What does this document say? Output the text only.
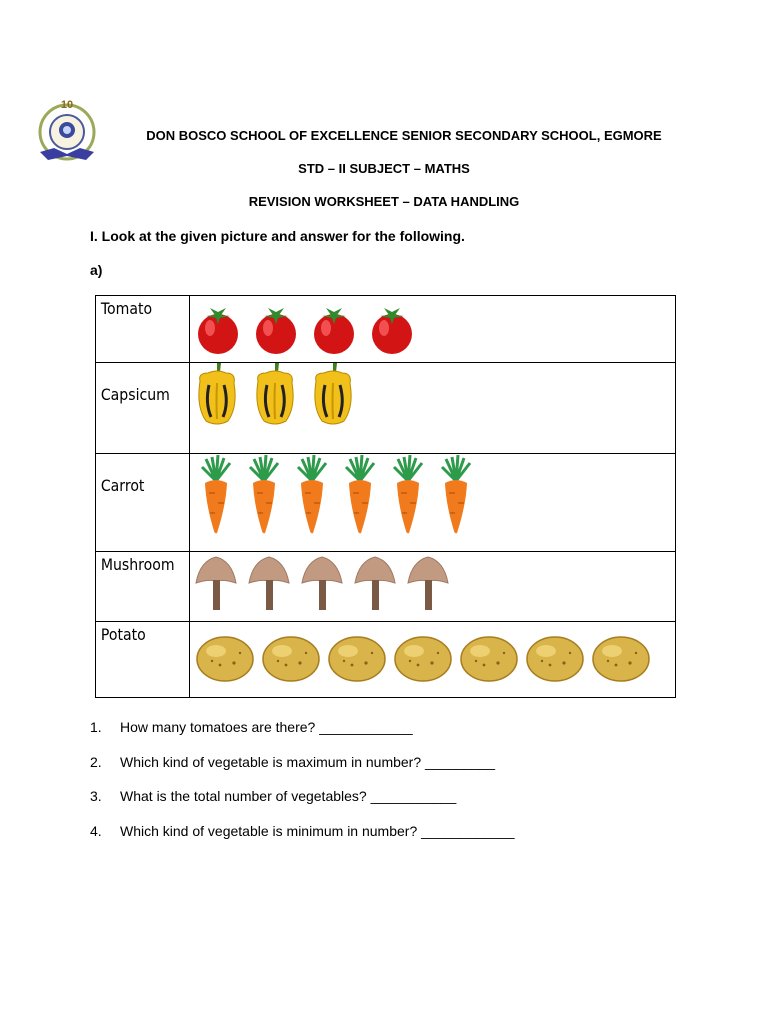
10
DON BOSCO SCHOOL OF EXCELLENCE SENIOR SECONDARY SCHOOL, EGMORE
STD – II SUBJECT – MATHS
REVISION WORKSHEET – DATA HANDLING
I. Look at the given picture and answer for the following.
a)
Tomato	

Capsicum	

Carrot	

Mushroom	

Potato	
1.	How many tomatoes are there? ____________
2.	Which kind of vegetable is maximum in number? _________
3.	What is the total number of vegetables? ___________
4.	Which kind of vegetable is minimum in number? ____________
